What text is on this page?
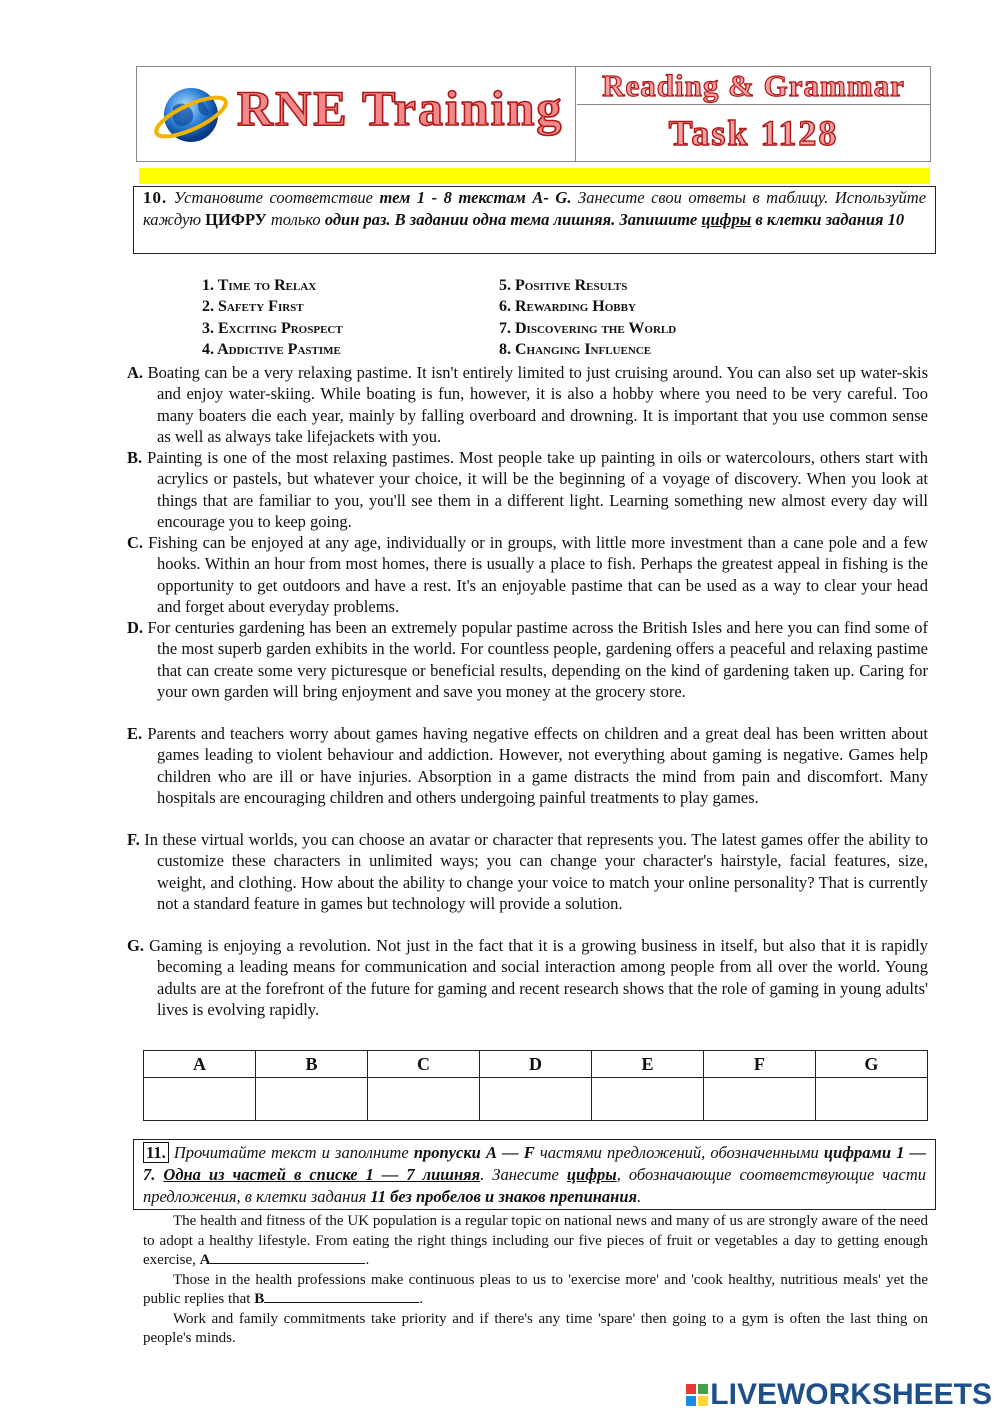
RNE Training	Reading & Grammar
Task 1128
10. Установите соответствие тем 1 - 8 текстам А- G. Занесите свои ответы в таблицу. Используйте каждую ЦИФРУ только один раз. В задании одна тема лишняя. Запишите цифры в клетки задания 10
1. Time to Relax
2. Safety First
3. Exciting Prospect
4. Addictive Pastime
5. Positive Results
6. Rewarding Hobby
7. Discovering the World
8. Changing Influence
A. Boating can be a very relaxing pastime. It isn't entirely limited to just cruising around. You can also set up water-skis and enjoy water-skiing. While boating is fun, however, it is also a hobby where you need to be very careful. Too many boaters die each year, mainly by falling overboard and drowning. It is important that you use common sense as well as always take lifejackets with you.
B. Painting is one of the most relaxing pastimes. Most people take up painting in oils or watercolours, others start with acrylics or pastels, but whatever your choice, it will be the beginning of a voyage of discovery. When you look at things that are familiar to you, you'll see them in a different light. Learning something new almost every day will encourage you to keep going.
C. Fishing can be enjoyed at any age, individually or in groups, with little more investment than a cane pole and a few hooks. Within an hour from most homes, there is usually a place to fish. Perhaps the greatest appeal in fishing is the opportunity to get outdoors and have a rest. It's an enjoyable pastime that can be used as a way to clear your head and forget about everyday problems.
D. For centuries gardening has been an extremely popular pastime across the British Isles and here you can find some of the most superb garden exhibits in the world. For countless people, gardening offers a peaceful and relaxing pastime that can create some very picturesque or beneficial results, depending on the kind of gardening taken up. Caring for your own garden will bring enjoyment and save you money at the grocery store.
E. Parents and teachers worry about games having negative effects on children and a great deal has been written about games leading to violent behaviour and addiction. However, not everything about gaming is negative. Games help children who are ill or have injuries. Absorption in a game distracts the mind from pain and discomfort. Many hospitals are encouraging children and others undergoing painful treatments to play games.
F. In these virtual worlds, you can choose an avatar or character that represents you. The latest games offer the ability to customize these characters in unlimited ways; you can change your character's hairstyle, facial features, size, weight, and clothing. How about the ability to change your voice to match your online personality? That is currently not a standard feature in games but technology will provide a solution.
G. Gaming is enjoying a revolution. Not just in the fact that it is a growing business in itself, but also that it is rapidly becoming a leading means for communication and social interaction among people from all over the world. Young adults are at the forefront of the future for gaming and recent research shows that the role of gaming in young adults' lives is evolving rapidly.
A	B	C	D	E	F	G

11. Прочитайте текст и заполните пропуски А — F частями предложений, обозначенными цифрами 1 — 7. Одна из частей в списке 1 — 7 лишняя. Занесите цифры, обозначающие соответствующие части предложения, в клетки задания 11 без пробелов и знаков препинания.

The health and fitness of the UK population is a regular topic on national news and many of us are strongly aware of the need to adopt a healthy lifestyle. From eating the right things including our five pieces of fruit or vegetables a day to getting enough exercise, A	.

Those in the health professions make continuous pleas to us to 'exercise more' and 'cook healthy, nutritious meals' yet the public replies that B	.

Work and family commitments take priority and if there's any time 'spare' then going to a gym is often the last thing on people's minds.

LIVEWORKSHEETS
